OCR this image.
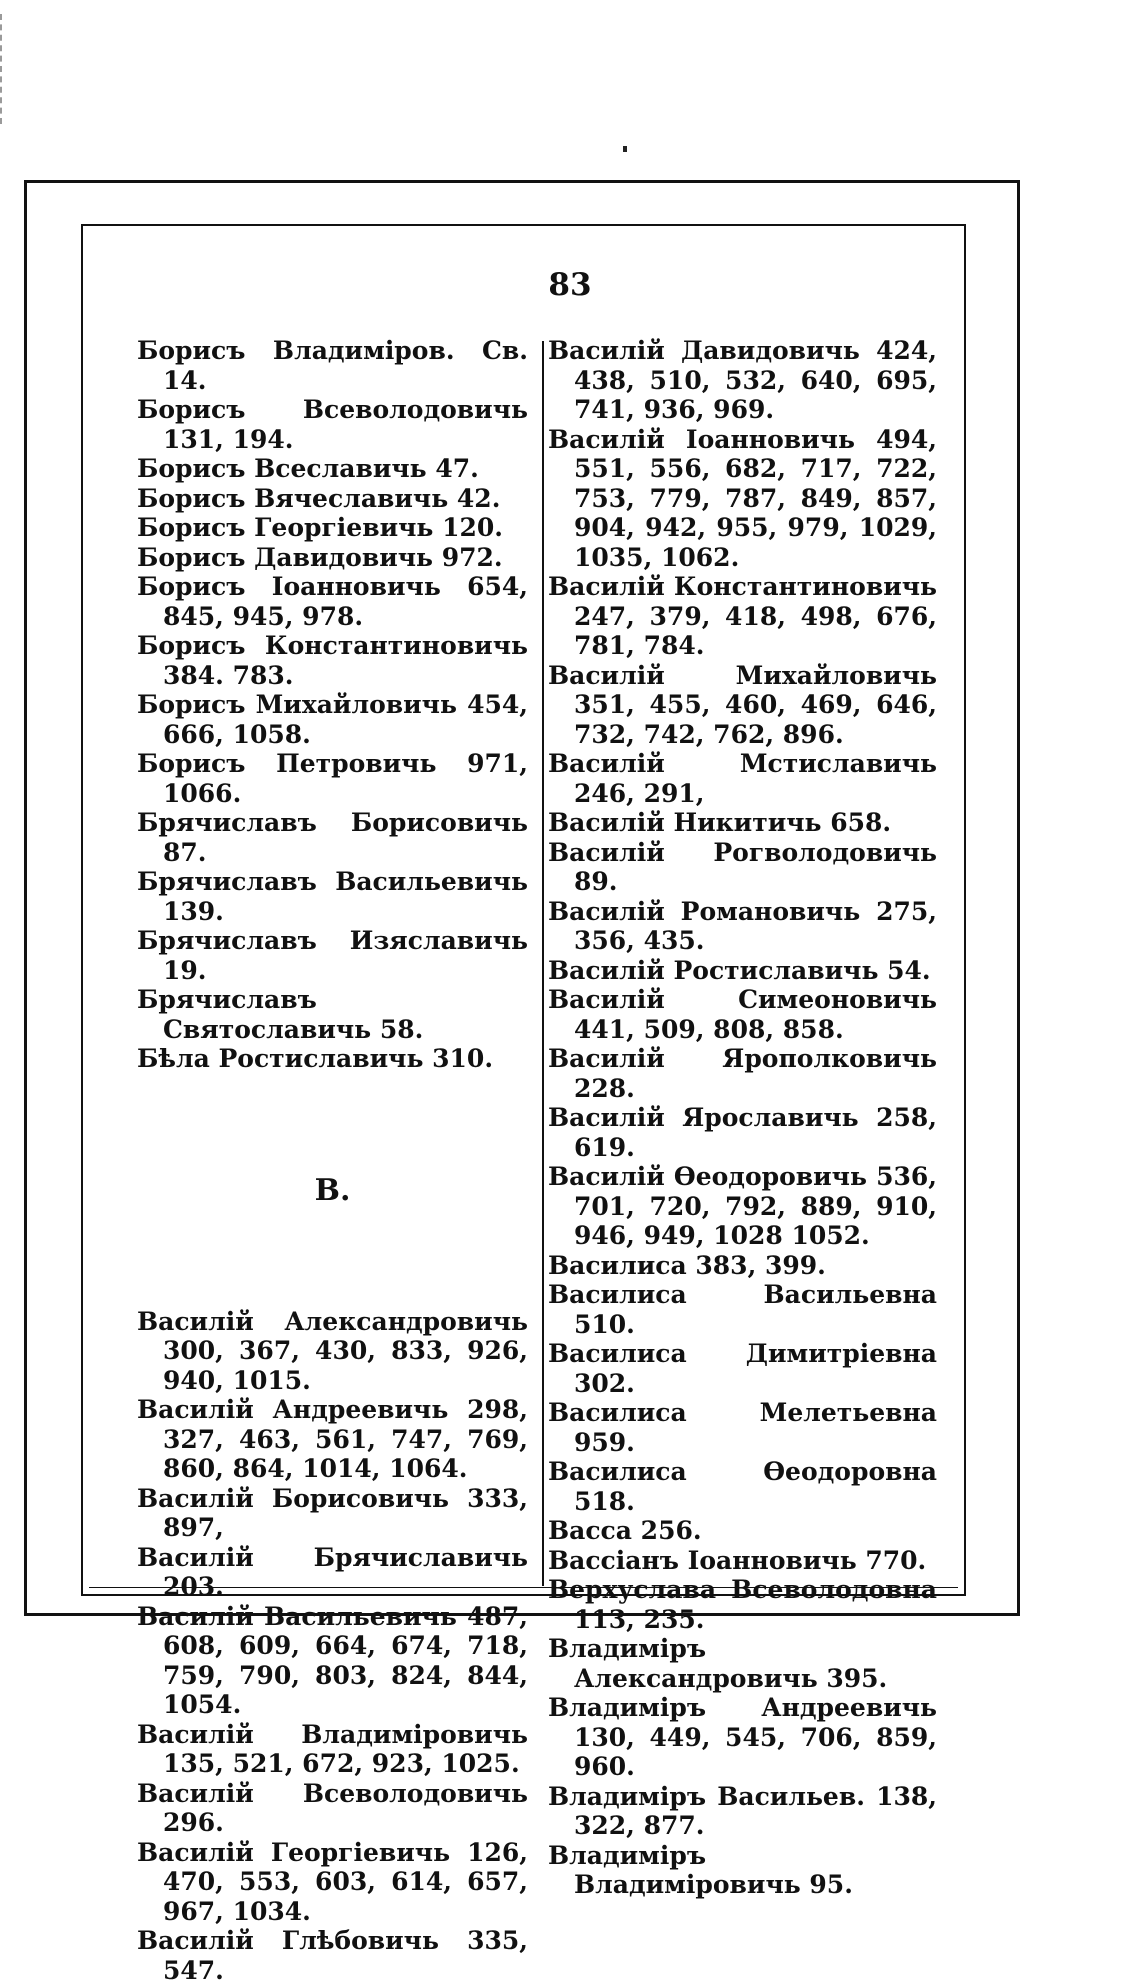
83

Борисъ Владиміров. Св. 14.

Борисъ Всеволодовичь 131, 194.

Борисъ Всеславичь 47.

Борисъ Вячеславичь 42.

Борисъ Георгіевичь 120.

Борисъ Давидовичь 972.

Борисъ Іоанновичь 654, 845, 945, 978.

Борисъ Константиновичь 384. 783.

Борисъ Михайловичь 454, 666, 1058.

Борисъ Петровичь 971, 1066.

Брячиславъ Борисовичь 87.

Брячиславъ Васильевичь 139.

Брячиславъ Изяславичь 19.

Брячиславъ Святославичь 58.

Бѣла Ростиславичь 310.

В.

Василій Александровичь 300, 367, 430, 833, 926, 940, 1015.

Василій Андреевичь 298, 327, 463, 561, 747, 769, 860, 864, 1014, 1064.

Василій Борисовичь 333, 897,

Василій Брячиславичь 203.

Василій Васильевичь 487, 608, 609, 664, 674, 718, 759, 790, 803, 824, 844, 1054.

Василій Владиміровичь 135, 521, 672, 923, 1025.

Василій Всеволодовичь 296.

Василій Георгіевичь 126, 470, 553, 603, 614, 657, 967, 1034.

Василій Глѣбовичь 335, 547.

Василій Давидовичь 424, 438, 510, 532, 640, 695, 741, 936, 969.

Василій Іоанновичь 494, 551, 556, 682, 717, 722, 753, 779, 787, 849, 857, 904, 942, 955, 979, 1029, 1035, 1062.

Василій Константиновичь 247, 379, 418, 498, 676, 781, 784.

Василій Михайловичь 351, 455, 460, 469, 646, 732, 742, 762, 896.

Василій Мстиславичь 246, 291,

Василій Никитичь 658.

Василій Рогволодовичь 89.

Василій Романовичь 275, 356, 435.

Василій Ростиславичь 54.

Василій Симеоновичь 441, 509, 808, 858.

Василій Ярополковичь 228.

Василій Ярославичь 258, 619.

Василій Ѳеодоровичь 536, 701, 720, 792, 889, 910, 946, 949, 1028 1052.

Василиса 383, 399.

Василиса Васильевна 510.

Василиса Димитріевна 302.

Василиса Мелетьевна 959.

Василиса Ѳеодоровна 518.

Васса 256.

Вассіанъ Іоанновичь 770.

Верхуслава Всеволодовна 113, 235.

Владиміръ Александровичь 395.

Владиміръ Андреевичь 130, 449, 545, 706, 859, 960.

Владиміръ Васильев. 138, 322, 877.

Владиміръ Владиміровичь 95.
